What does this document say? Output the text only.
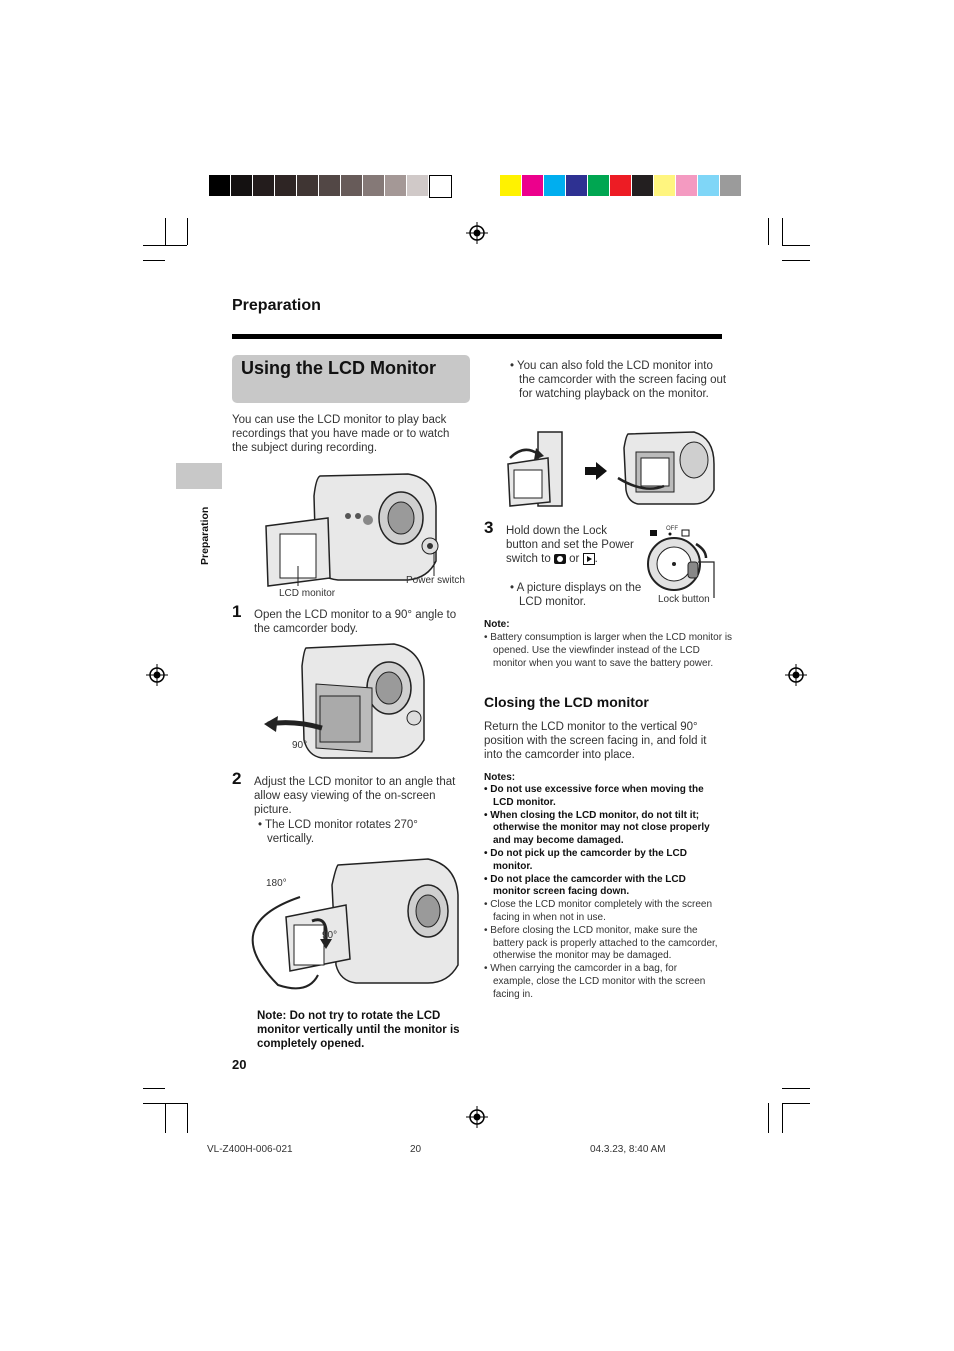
Preparation
Preparation
Using the LCD Monitor
You can use the LCD monitor to play back recordings that you have made or to watch the subject during recording.
LCD monitor
Power switch
1 Open the LCD monitor to a 90° angle to the camcorder body.
90°
2 Adjust the LCD monitor to an angle that allow easy viewing of the on-screen picture.
• The LCD monitor rotates 270° vertically.
180°
90°
Note: Do not try to rotate the LCD monitor vertically until the monitor is completely opened.
20
• You can also fold the LCD monitor into the camcorder with the screen facing out for watching playback on the monitor.
3 Hold down the Lock button and set the Power switch to or .
• A picture displays on the LCD monitor.
OFF
Lock button
Note:
• Battery consumption is larger when the LCD monitor is opened. Use the viewfinder instead of the LCD monitor when you want to save the battery power.
Closing the LCD monitor
Return the LCD monitor to the vertical 90° position with the screen facing in, and fold it into the camcorder into place.
Notes:
• Do not use excessive force when moving the LCD monitor.
• When closing the LCD monitor, do not tilt it; otherwise the monitor may not close properly and may become damaged.
• Do not pick up the camcorder by the LCD monitor.
• Do not place the camcorder with the LCD monitor screen facing down.
• Close the LCD monitor completely with the screen facing in when not in use.
• Before closing the LCD monitor, make sure the battery pack is properly attached to the camcorder, otherwise the monitor may be damaged.
• When carrying the camcorder in a bag, for example, close the LCD monitor with the screen facing in.
VL-Z400H-006-021	20	04.3.23, 8:40 AM
